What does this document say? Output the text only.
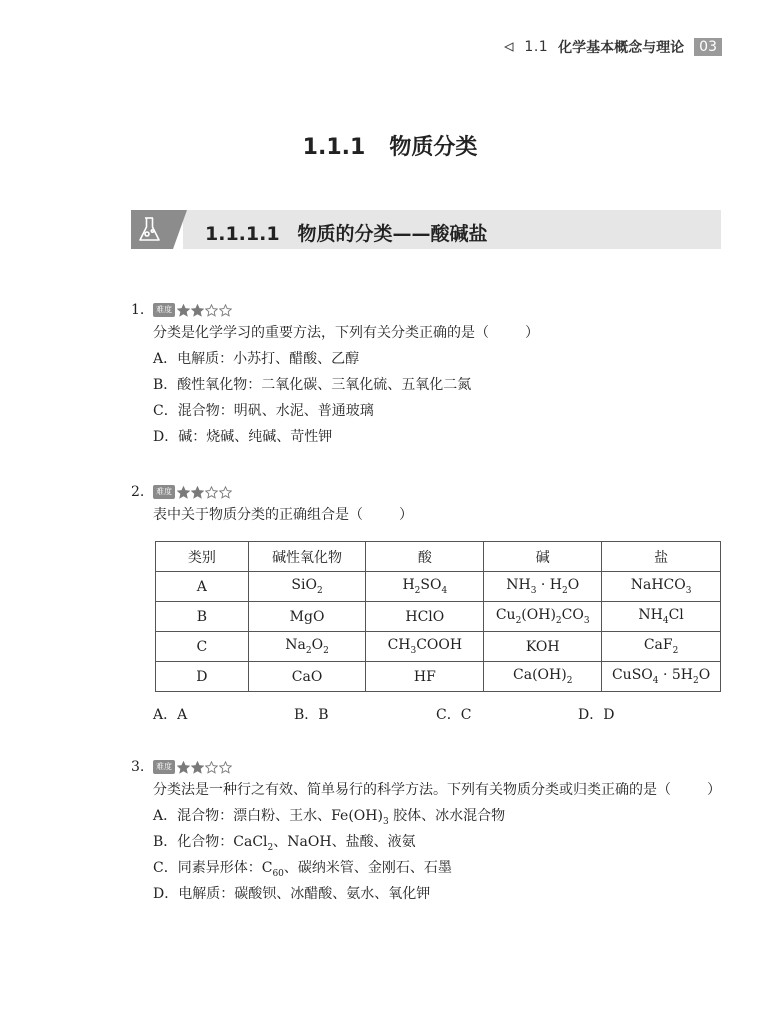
1.1 化学基本概念与理论	03
1.1.1 物质分类
1.1.1.1 物质的分类——酸碱盐
1.	难度
分类是化学学习的重要方法，下列有关分类正确的是（	）
A．电解质：小苏打、醋酸、乙醇
B．酸性氧化物：二氧化碳、三氧化硫、五氧化二氮
C．混合物：明矾、水泥、普通玻璃
D．碱：烧碱、纯碱、苛性钾
2.	难度
表中关于物质分类的正确组合是（	）
类别	碱性氧化物	酸	碱	盐
A	SiO$_2$	$H_2SO_4$	$NH_3 \cdot H_2O$	NaHCO$_3$
B	MgO	HClO	$Cu_2(OH)_2CO_3$	$NH_4Cl$
C	$Na_2O_2$	$CH_3COOH$	KOH	CaF$_2$
D	CaO	HF	$Ca(OH)_2$	CuSO$_4$ · $5H_2O$
A．A	B．B	C．C	D．D
3.	难度
分类法是一种行之有效、简单易行的科学方法。下列有关物质分类或归类正确的是（	）
A．混合物：漂白粉、王水、$Fe(OH)_3$ 胶体、冰水混合物
B．化合物：CaCl$_2$、NaOH、盐酸、液氨
C．同素异形体：$C_{60}$、碳纳米管、金刚石、石墨
D．电解质：碳酸钡、冰醋酸、氨水、氧化钾
